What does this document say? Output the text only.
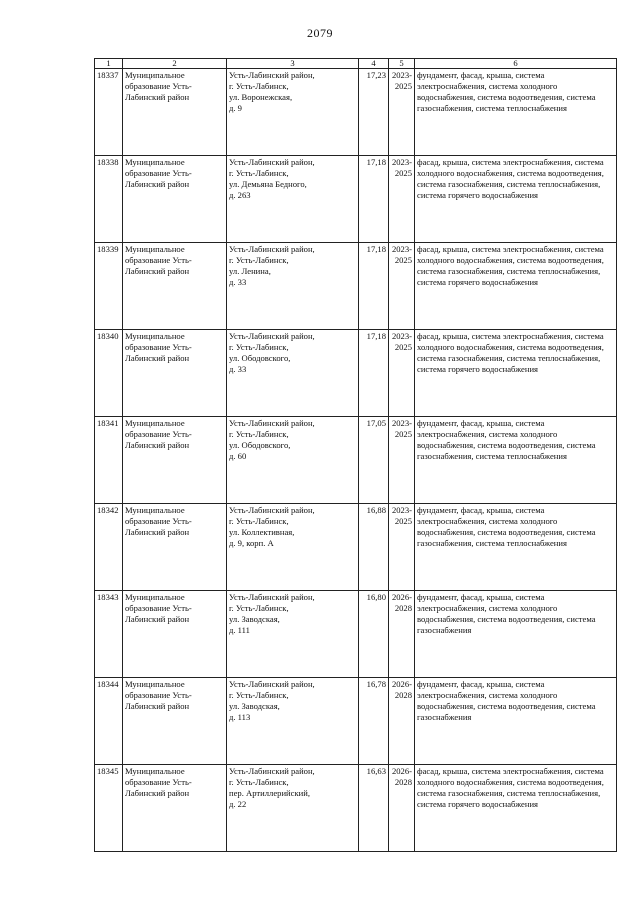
2079
1	2	3	4	5	6
18337	Муниципальное образование Усть-Лабинский район	Усть-Лабинский район,
г. Усть-Лабинск,
ул. Воронежская,
д. 9	17,23	2023-
2025	фундамент, фасад, крыша, система электроснабжения, система холодного водоснабжения, система водоотведения, система газоснабжения, система теплоснабжения
18338	Муниципальное образование Усть-Лабинский район	Усть-Лабинский район,
г. Усть-Лабинск,
ул. Демьяна Бедного,
д. 263	17,18	2023-
2025	фасад, крыша, система электроснабжения, система холодного водоснабжения, система водоотведения, система газоснабжения, система теплоснабжения, система горячего водоснабжения
18339	Муниципальное образование Усть-Лабинский район	Усть-Лабинский район,
г. Усть-Лабинск,
ул. Ленина,
д. 33	17,18	2023-
2025	фасад, крыша, система электроснабжения, система холодного водоснабжения, система водоотведения, система газоснабжения, система теплоснабжения, система горячего водоснабжения
18340	Муниципальное образование Усть-Лабинский район	Усть-Лабинский район,
г. Усть-Лабинск,
ул. Ободовского,
д. 33	17,18	2023-
2025	фасад, крыша, система электроснабжения, система холодного водоснабжения, система водоотведения, система газоснабжения, система теплоснабжения, система горячего водоснабжения
18341	Муниципальное образование Усть-Лабинский район	Усть-Лабинский район,
г. Усть-Лабинск,
ул. Ободовского,
д. 60	17,05	2023-
2025	фундамент, фасад, крыша, система электроснабжения, система холодного водоснабжения, система водоотведения, система газоснабжения, система теплоснабжения
18342	Муниципальное образование Усть-Лабинский район	Усть-Лабинский район,
г. Усть-Лабинск,
ул. Коллективная,
д. 9, корп. А	16,88	2023-
2025	фундамент, фасад, крыша, система электроснабжения, система холодного водоснабжения, система водоотведения, система газоснабжения, система теплоснабжения
18343	Муниципальное образование Усть-Лабинский район	Усть-Лабинский район,
г. Усть-Лабинск,
ул. Заводская,
д. 111	16,80	2026-
2028	фундамент, фасад, крыша, система электроснабжения, система холодного водоснабжения, система водоотведения, система газоснабжения
18344	Муниципальное образование Усть-Лабинский район	Усть-Лабинский район,
г. Усть-Лабинск,
ул. Заводская,
д. 113	16,78	2026-
2028	фундамент, фасад, крыша, система электроснабжения, система холодного водоснабжения, система водоотведения, система газоснабжения
18345	Муниципальное образование Усть-Лабинский район	Усть-Лабинский район,
г. Усть-Лабинск,
пер. Артиллерийский,
д. 22	16,63	2026-
2028	фасад, крыша, система электроснабжения, система холодного водоснабжения, система водоотведения, система газоснабжения, система теплоснабжения, система горячего водоснабжения
